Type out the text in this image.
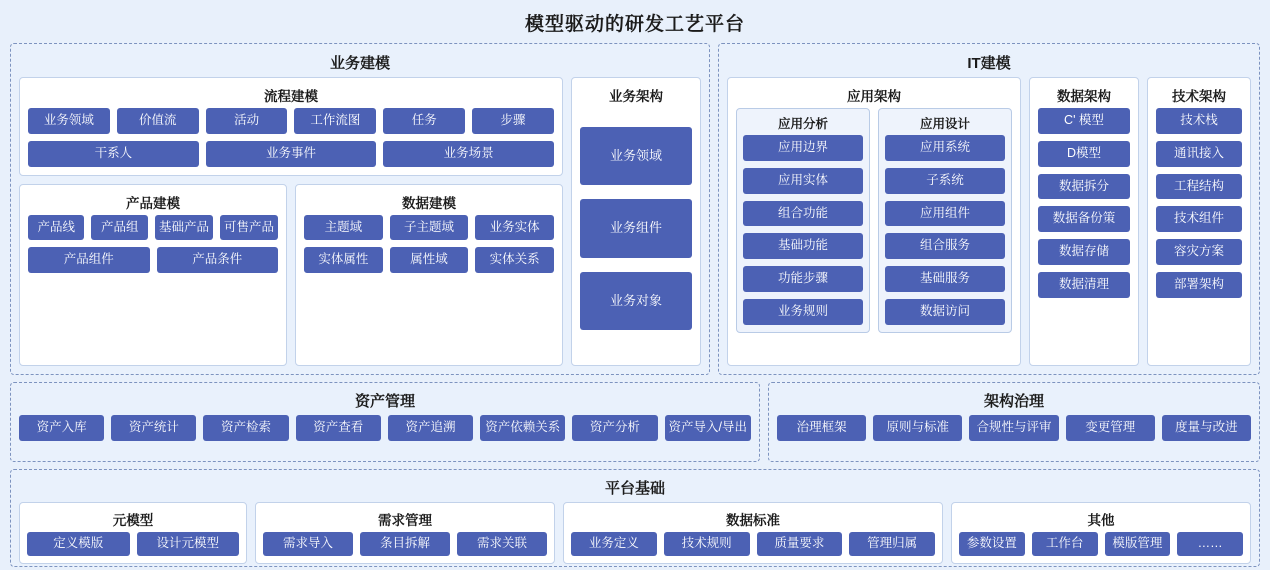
模型驱动的研发工艺平台
业务建模
流程建模
业务领域	价值流	活动	工作流图	任务	步骤
干系人	业务事件	业务场景
产品建模
产品线	产品组	基础产品	可售产品
产品组件	产品条件
数据建模
主题域	子主题域	业务实体
实体属性	属性域	实体关系
业务架构
业务领域
业务组件
业务对象
IT建模
应用架构
应用分析
应用边界
应用实体
组合功能
基础功能
功能步骤
业务规则
应用设计
应用系统
子系统
应用组件
组合服务
基础服务
数据访问
数据架构
C' 模型
D模型
数据拆分
数据备份策
数据存储
数据清理
技术架构
技术栈
通讯接入
工程结构
技术组件
容灾方案
部署架构
资产管理
资产入库	资产统计	资产检索	资产查看	资产追溯	资产依赖关系	资产分析	资产导入/导出
架构治理
治理框架	原则与标准	合规性与评审	变更管理	度量与改进
平台基础
元模型
定义模版	设计元模型
需求管理
需求导入	条目拆解	需求关联
数据标准
业务定义	技术规则	质量要求	管理归属
其他
参数设置	工作台	模版管理	……
